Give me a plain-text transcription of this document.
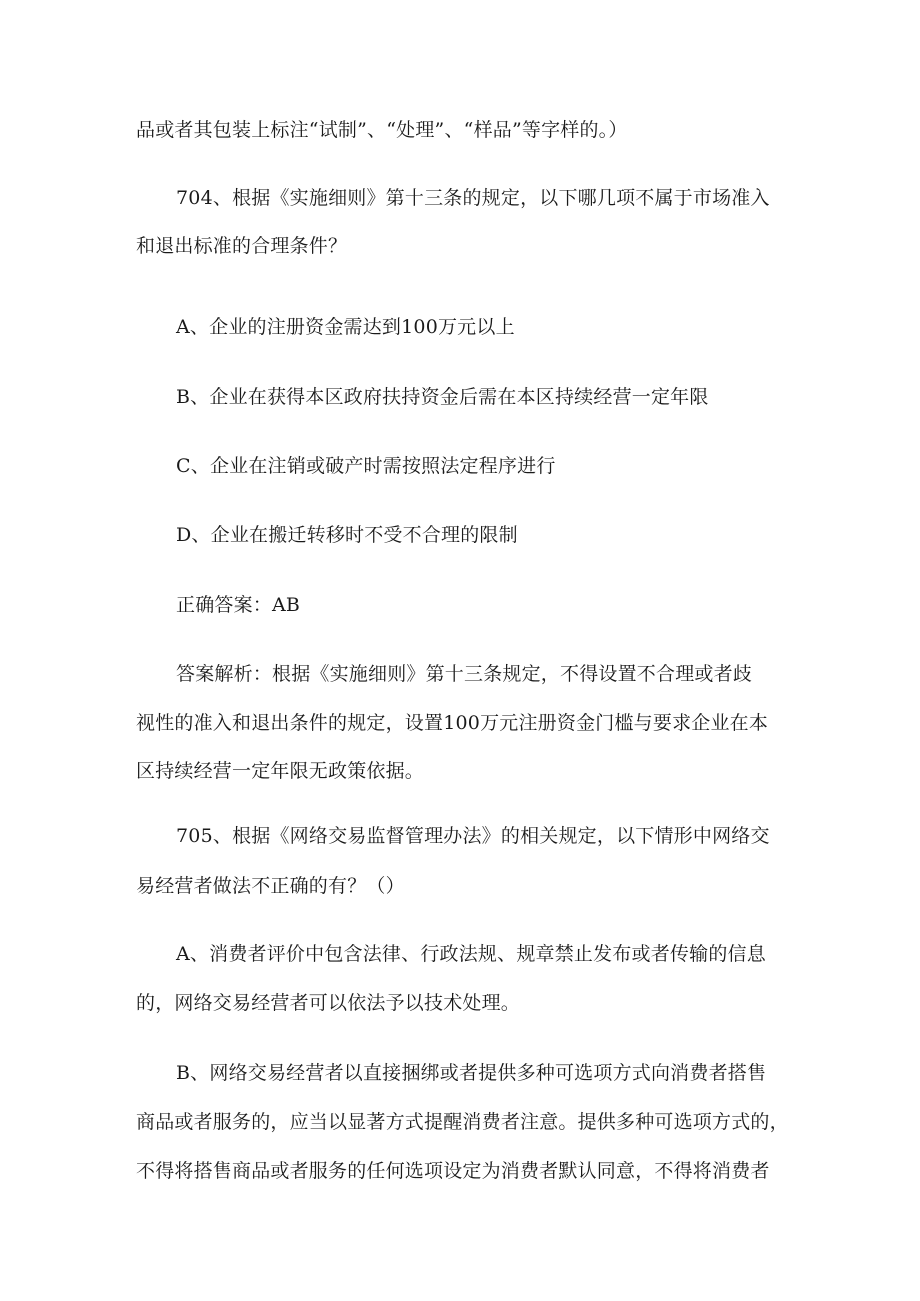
品或者其包装上标注“试制”、“处理”、“样品”等字样的。）
704、根据《实施细则》第十三条的规定，以下哪几项不属于市场准入
和退出标准的合理条件？
A、企业的注册资金需达到100万元以上
B、企业在获得本区政府扶持资金后需在本区持续经营一定年限
C、企业在注销或破产时需按照法定程序进行
D、企业在搬迁转移时不受不合理的限制
正确答案：AB
答案解析：根据《实施细则》第十三条规定，不得设置不合理或者歧
视性的准入和退出条件的规定，设置100万元注册资金门槛与要求企业在本
区持续经营一定年限无政策依据。
705、根据《网络交易监督管理办法》的相关规定，以下情形中网络交
易经营者做法不正确的有？（）
A、消费者评价中包含法律、行政法规、规章禁止发布或者传输的信息
的，网络交易经营者可以依法予以技术处理。
B、网络交易经营者以直接捆绑或者提供多种可选项方式向消费者搭售
商品或者服务的，应当以显著方式提醒消费者注意。提供多种可选项方式的，
不得将搭售商品或者服务的任何选项设定为消费者默认同意，不得将消费者
